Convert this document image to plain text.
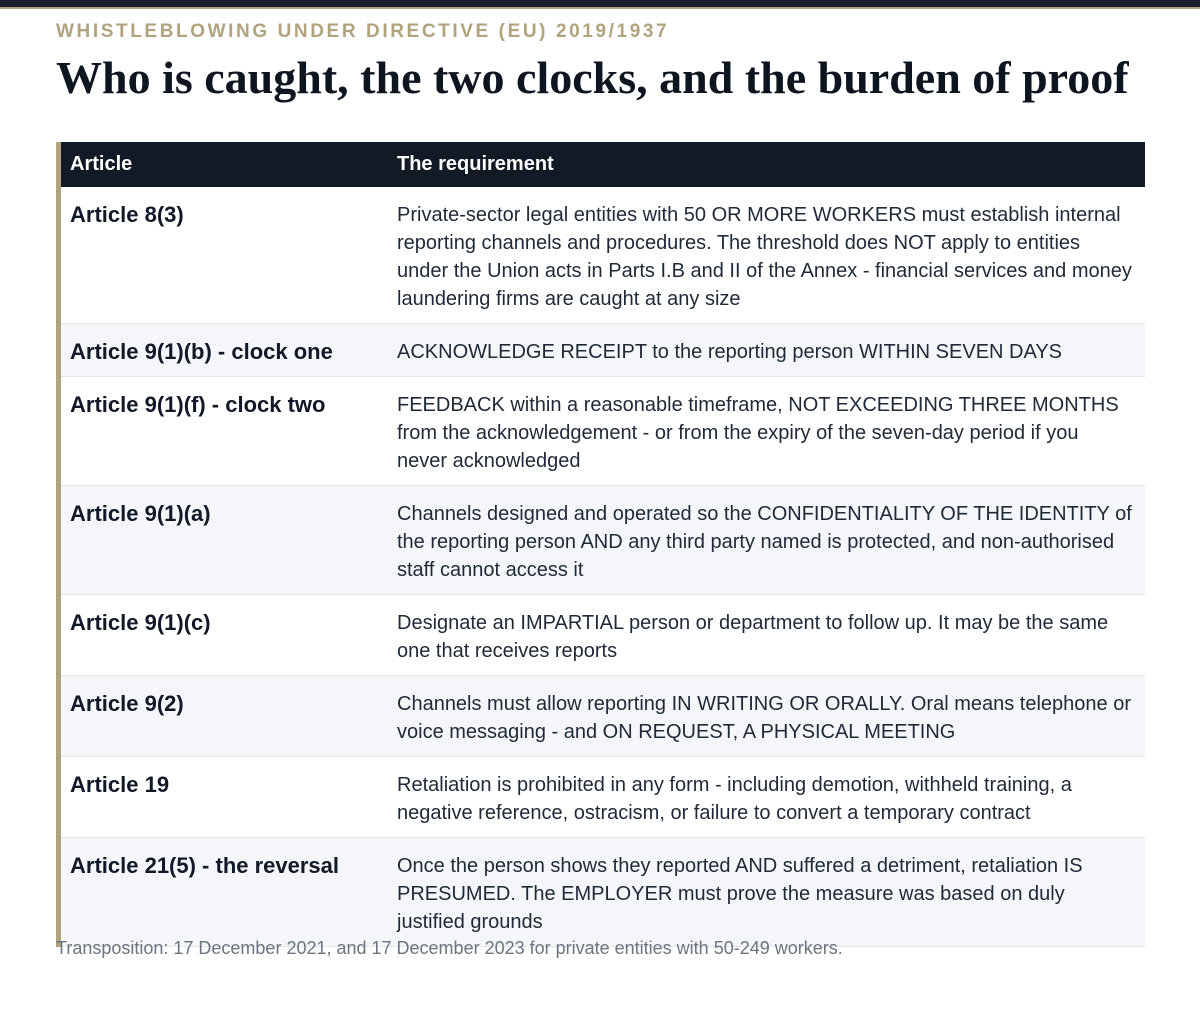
WHISTLEBLOWING UNDER DIRECTIVE (EU) 2019/1937
Who is caught, the two clocks, and the burden of proof
Article	The requirement
Article 8(3)	Private-sector legal entities with 50 OR MORE WORKERS must establish internal reporting channels and procedures. The threshold does NOT apply to entities under the Union acts in Parts I.B and II of the Annex - financial services and money laundering firms are caught at any size
Article 9(1)(b) - clock one	ACKNOWLEDGE RECEIPT to the reporting person WITHIN SEVEN DAYS
Article 9(1)(f) - clock two	FEEDBACK within a reasonable timeframe, NOT EXCEEDING THREE MONTHS from the acknowledgement - or from the expiry of the seven-day period if you never acknowledged
Article 9(1)(a)	Channels designed and operated so the CONFIDENTIALITY OF THE IDENTITY of the reporting person AND any third party named is protected, and non-authorised staff cannot access it
Article 9(1)(c)	Designate an IMPARTIAL person or department to follow up. It may be the same one that receives reports
Article 9(2)	Channels must allow reporting IN WRITING OR ORALLY. Oral means telephone or voice messaging - and ON REQUEST, A PHYSICAL MEETING
Article 19	Retaliation is prohibited in any form - including demotion, withheld training, a negative reference, ostracism, or failure to convert a temporary contract
Article 21(5) - the reversal	Once the person shows they reported AND suffered a detriment, retaliation IS PRESUMED. The EMPLOYER must prove the measure was based on duly justified grounds
Transposition: 17 December 2021, and 17 December 2023 for private entities with 50-249 workers.
